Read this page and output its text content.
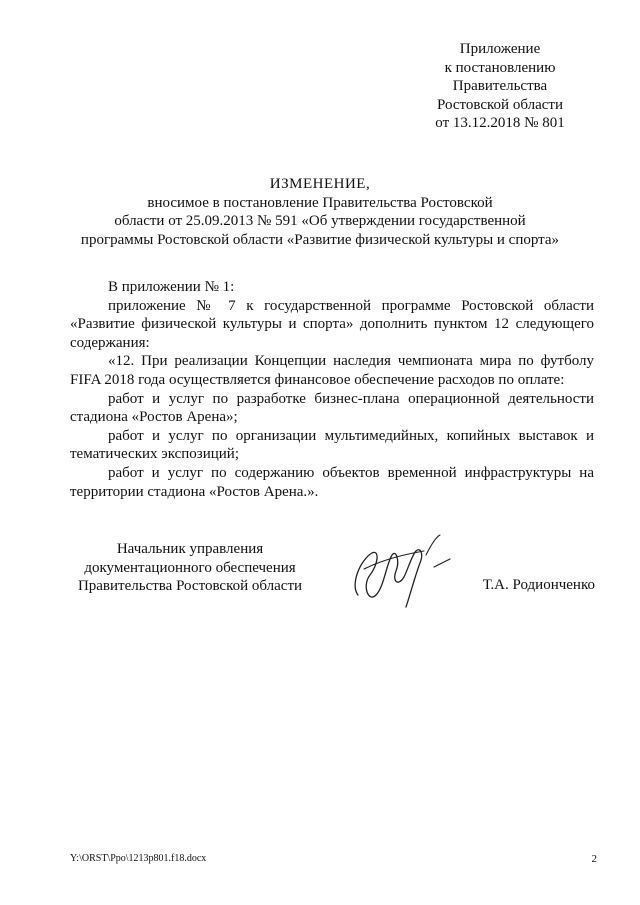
Приложение
к постановлению
Правительства
Ростовской области
от 13.12.2018 № 801
ИЗМЕНЕНИЕ,
вносимое в постановление Правительства Ростовской
области от 25.09.2013 № 591 «Об утверждении государственной
программы Ростовской области «Развитие физической культуры и спорта»

В приложении № 1:

приложение № 7 к государственной программе Ростовской области «Развитие физической культуры и спорта» дополнить пунктом 12 следующего содержания:

«12. При реализации Концепции наследия чемпионата мира по футболу FIFA 2018 года осуществляется финансовое обеспечение расходов по оплате:

работ и услуг по разработке бизнес-плана операционной деятельности стадиона «Ростов Арена»;

работ и услуг по организации мультимедийных, копийных выставок и тематических экспозиций;

работ и услуг по содержанию объектов временной инфраструктуры на территории стадиона «Ростов Арена.».

Начальник управления
документационного обеспечения
Правительства Ростовской области	Т.А. Родионченко
Y:\ORST\Ppo\1213p801.f18.docx	2
